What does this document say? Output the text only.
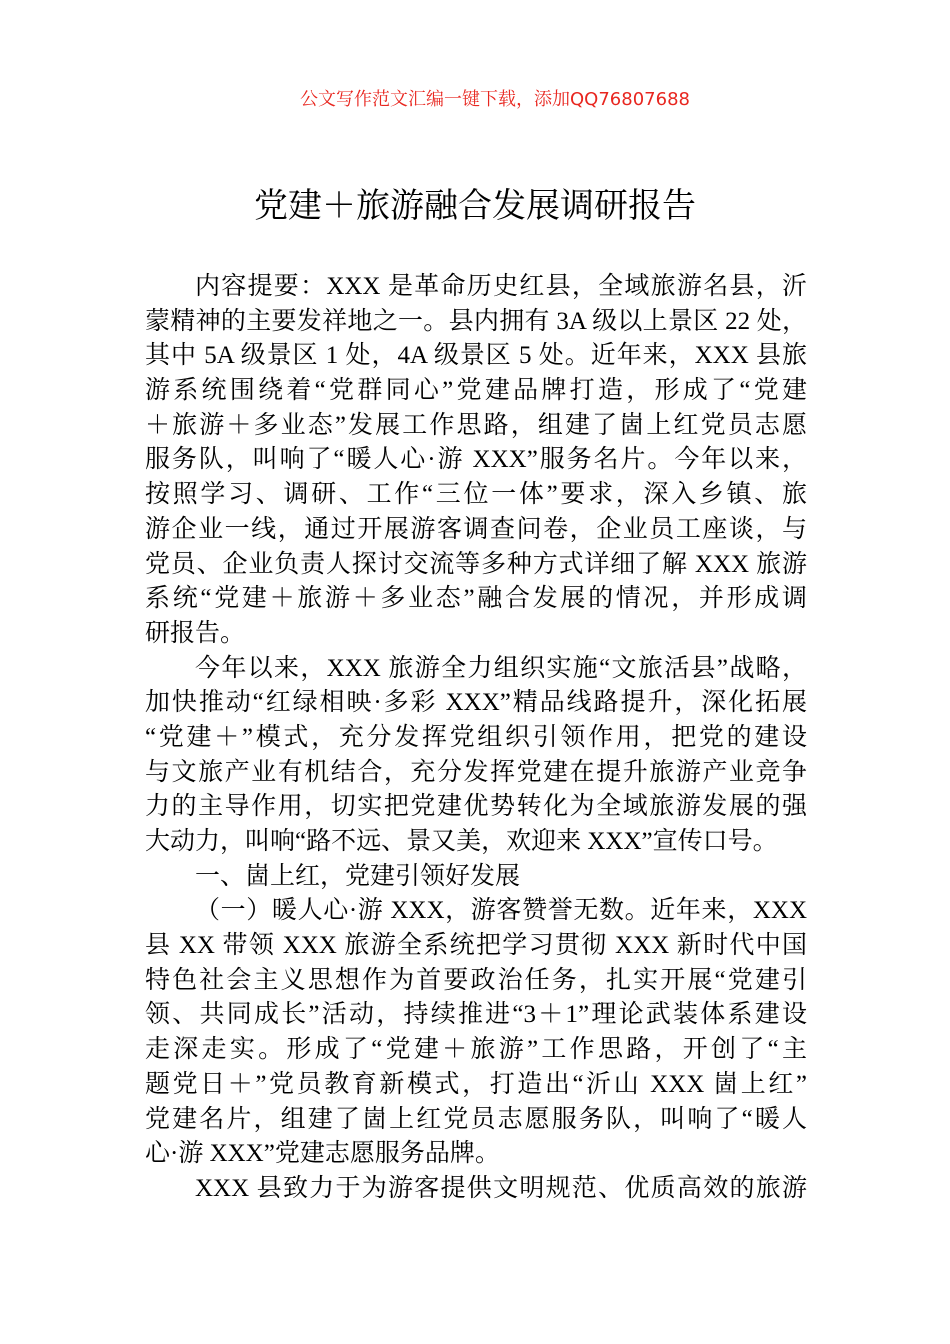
公文写作范文汇编一键下载，添加QQ76807688
党建＋旅游融合发展调研报告
内容提要：XXX 是革命历史红县，全域旅游名县，沂
蒙精神的主要发祥地之一。县内拥有 3A 级以上景区 22 处，
其中 5A 级景区 1 处，4A 级景区 5 处。近年来，XXX 县旅
游系统围绕着“党群同心”党建品牌打造，形成了“党建
＋旅游＋多业态”发展工作思路，组建了崮上红党员志愿
服务队，叫响了“暖人心·游 XXX”服务名片。今年以来，
按照学习、调研、工作“三位一体”要求，深入乡镇、旅
游企业一线，通过开展游客调查问卷，企业员工座谈，与
党员、企业负责人探讨交流等多种方式详细了解 XXX 旅游
系统“党建＋旅游＋多业态”融合发展的情况，并形成调
研报告。
今年以来，XXX 旅游全力组织实施“文旅活县”战略，
加快推动“红绿相映·多彩 XXX”精品线路提升，深化拓展
“党建＋”模式，充分发挥党组织引领作用，把党的建设
与文旅产业有机结合，充分发挥党建在提升旅游产业竞争
力的主导作用，切实把党建优势转化为全域旅游发展的强
大动力，叫响“路不远、景又美，欢迎来 XXX”宣传口号。
一、崮上红，党建引领好发展
（一）暖人心·游 XXX，游客赞誉无数。近年来，XXX
县 XX 带领 XXX 旅游全系统把学习贯彻 XXX 新时代中国
特色社会主义思想作为首要政治任务，扎实开展“党建引
领、共同成长”活动，持续推进“3＋1”理论武装体系建设
走深走实。形成了“党建＋旅游”工作思路，开创了“主
题党日＋”党员教育新模式，打造出“沂山 XXX 崮上红”
党建名片，组建了崮上红党员志愿服务队，叫响了“暖人
心·游 XXX”党建志愿服务品牌。
XXX 县致力于为游客提供文明规范、优质高效的旅游
